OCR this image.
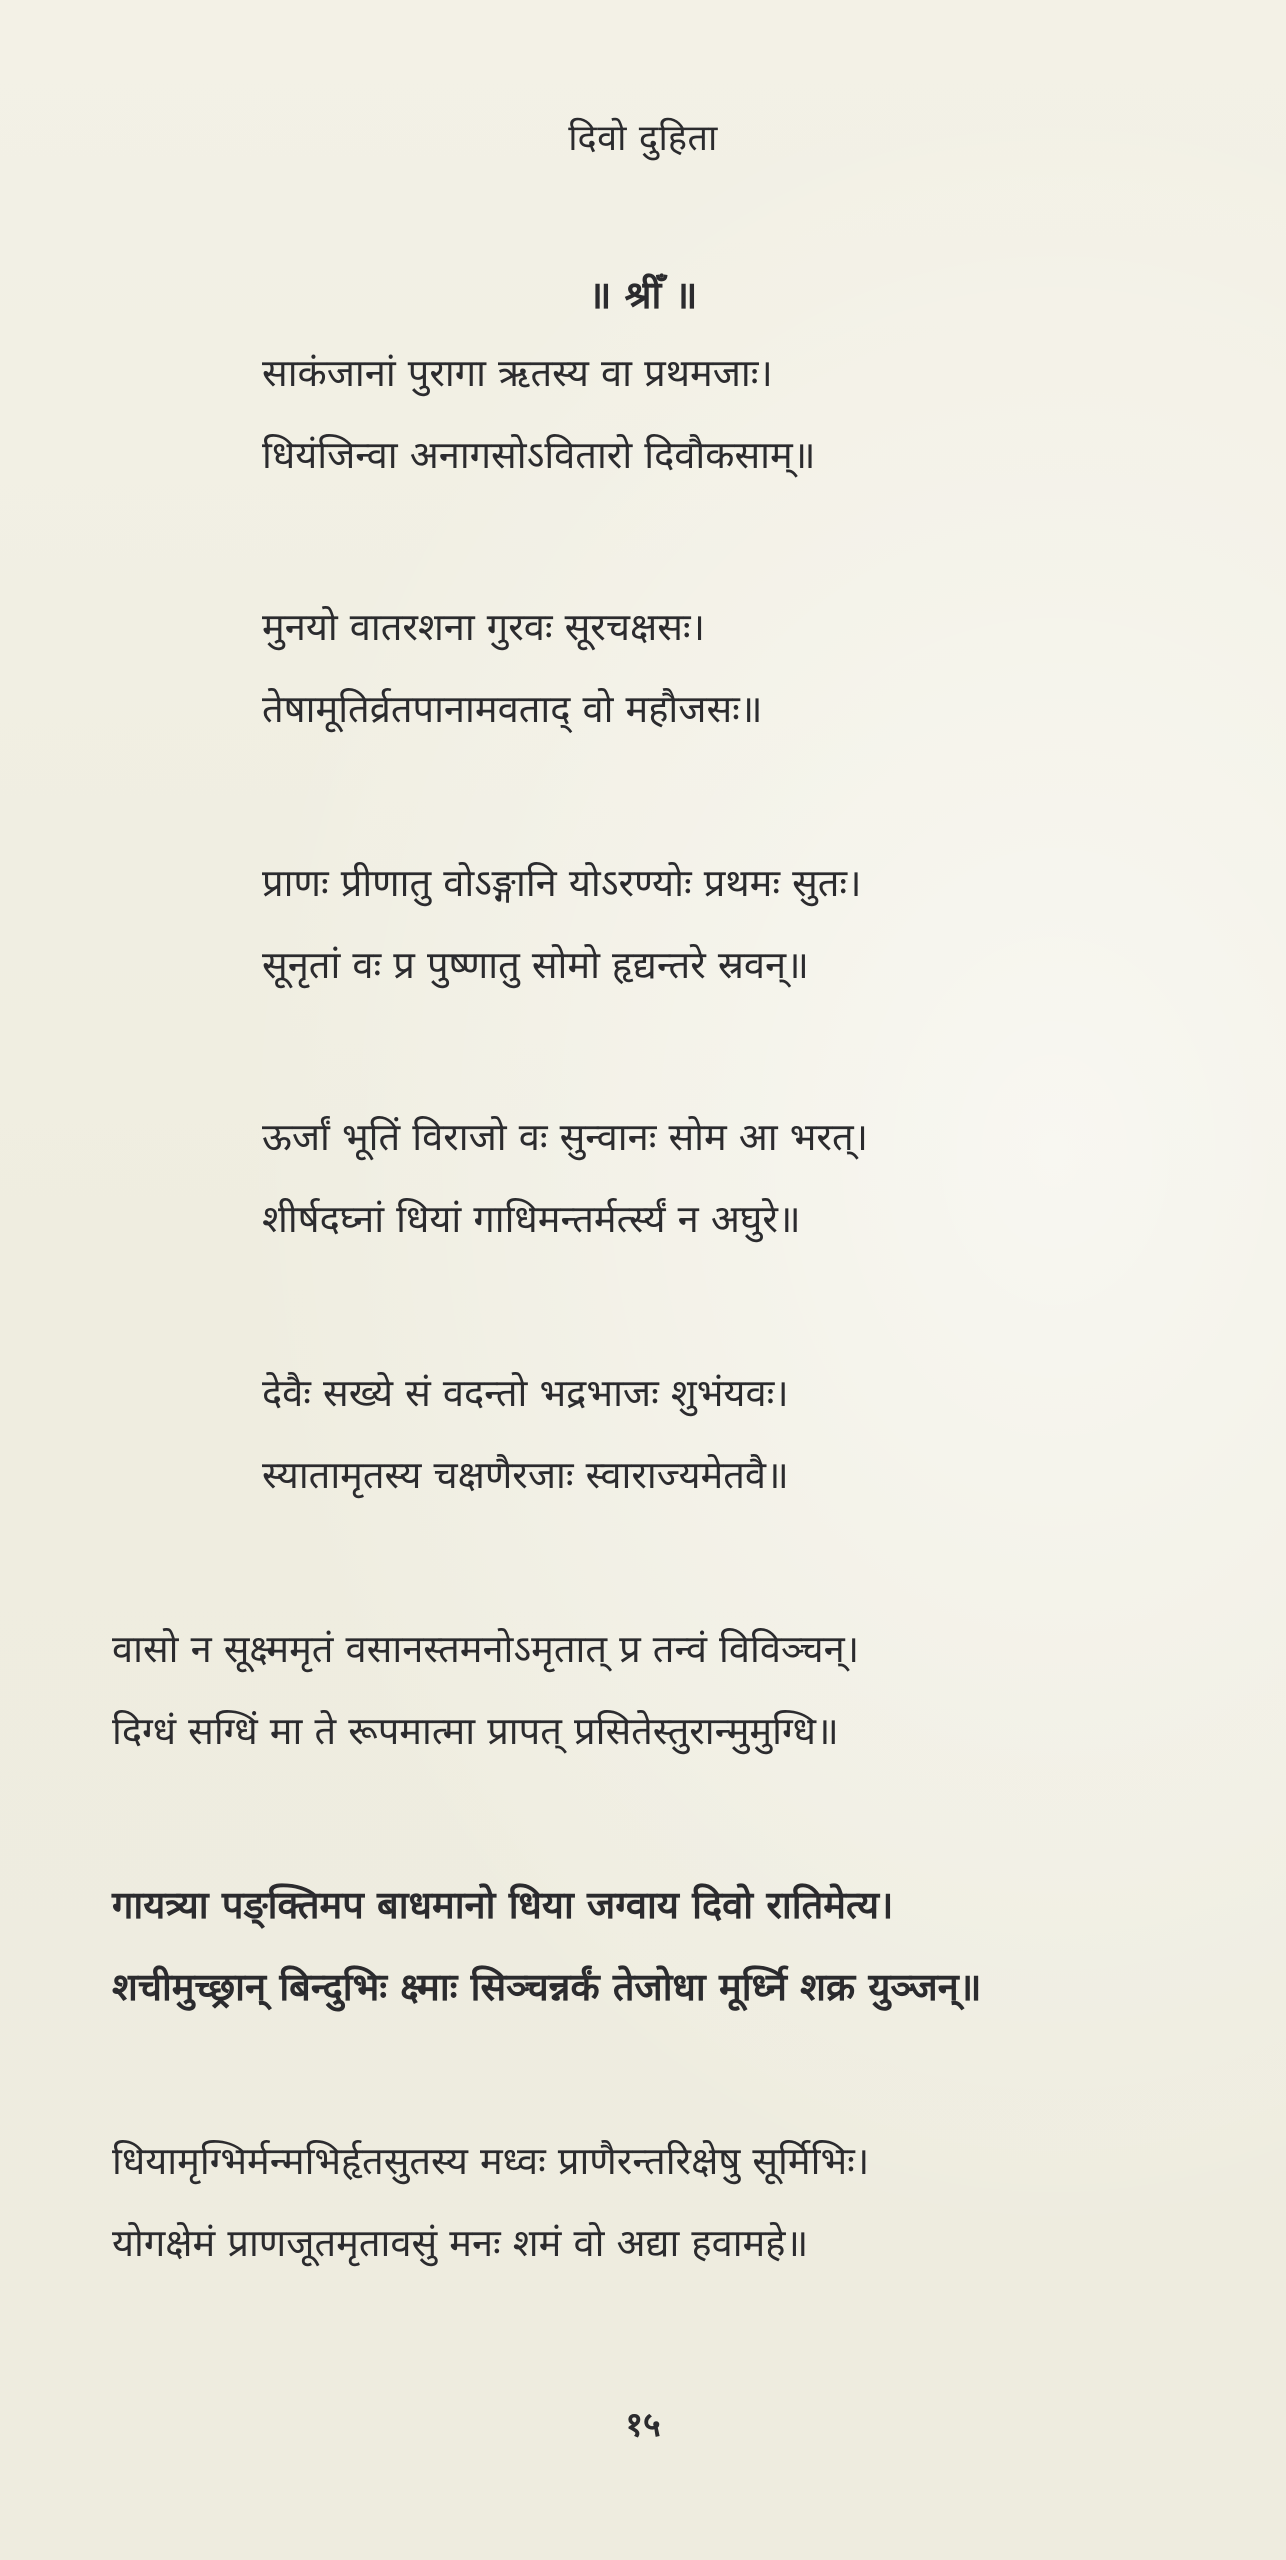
दिवो दुहिता
॥ श्रीँ ॥
साकंजानां पुरागा ऋतस्य वा प्रथमजाः।
धियंजिन्वा अनागसोऽवितारो दिवौकसाम्॥
मुनयो वातरशना गुरवः सूरचक्षसः।
तेषामूतिर्व्रतपानामवताद् वो महौजसः॥
प्राणः प्रीणातु वोऽङ्गानि योऽरण्योः प्रथमः सुतः।
सूनृतां वः प्र पुष्णातु सोमो हृद्यन्तरे स्रवन्॥
ऊर्जां भूतिं विराजो वः सुन्वानः सोम आ भरत्।
शीर्षदघ्नां धियां गाधिमन्तर्मर्त्स्यं न अघुरे॥
देवैः सख्ये सं वदन्तो भद्रभाजः शुभंयवः।
स्यातामृतस्य चक्षणैरजाः स्वाराज्यमेतवै॥
वासो न सूक्ष्ममृतं वसानस्तमनोऽमृतात् प्र तन्वं विविञ्चन्।
दिग्धं सग्धिं मा ते रूपमात्मा प्रापत् प्रसितेस्तुरान्मुमुग्धि॥
गायत्र्या पङ्क्तिमप बाधमानो धिया जग्वाय दिवो रातिमेत्य।
शचीमुच्छ्रान् बिन्दुभिः क्ष्माः सिञ्चन्नर्कं तेजोधा मूर्ध्नि शक्र युञ्जन्॥
धियामृग्भिर्मन्मभिर्हृतसुतस्य मध्वः प्राणैरन्तरिक्षेषु सूर्मिभिः।
योगक्षेमं प्राणजूतमृतावसुं मनः शमं वो अद्या हवामहे॥
१५
